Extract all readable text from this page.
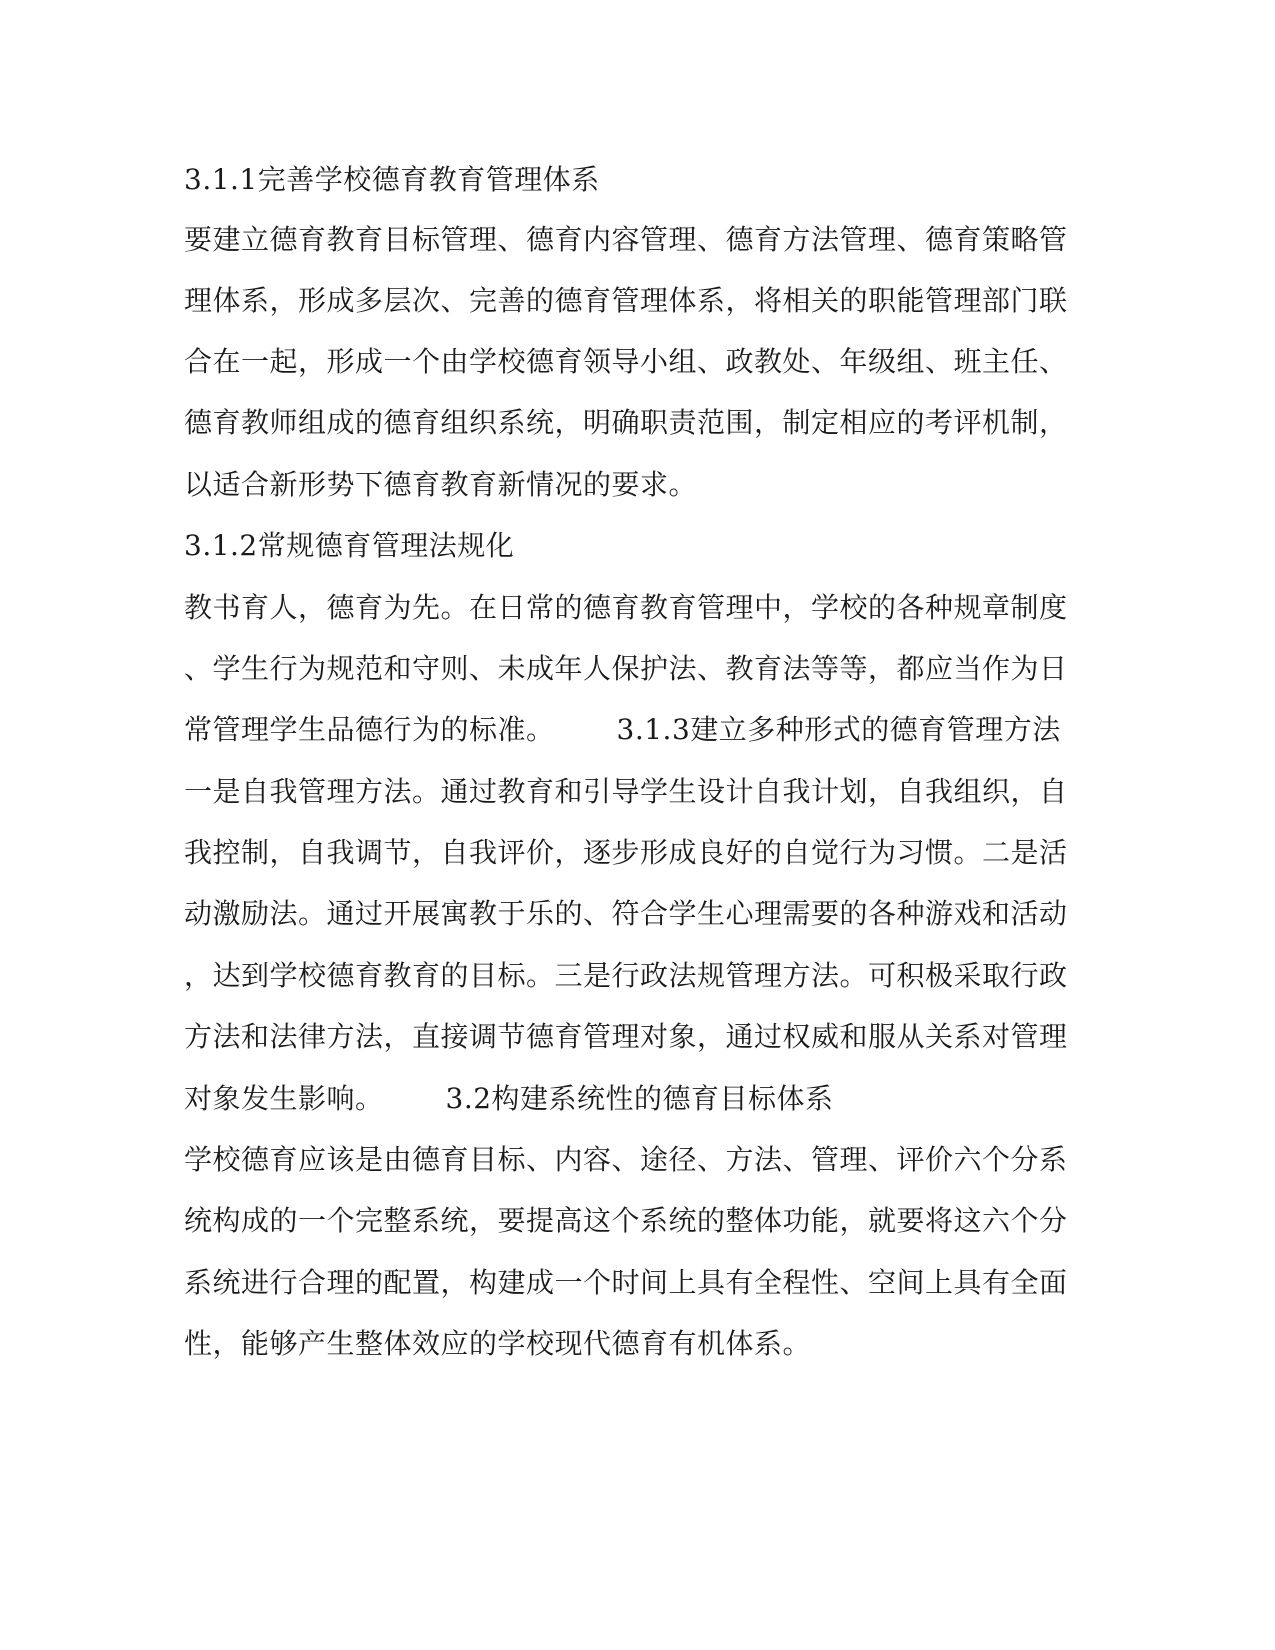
3.1.1完善学校德育教育管理体系
要建立德育教育目标管理、德育内容管理、德育方法管理、德育策略管
理体系，形成多层次、完善的德育管理体系，将相关的职能管理部门联
合在一起，形成一个由学校德育领导小组、政教处、年级组、班主任、
德育教师组成的德育组织系统，明确职责范围，制定相应的考评机制，
以适合新形势下德育教育新情况的要求。
3.1.2常规德育管理法规化
教书育人，德育为先。在日常的德育教育管理中，学校的各种规章制度
、学生行为规范和守则、未成年人保护法、教育法等等，都应当作为日
常管理学生品德行为的标准。 3.1.3建立多种形式的德育管理方法
一是自我管理方法。通过教育和引导学生设计自我计划，自我组织，自
我控制，自我调节，自我评价，逐步形成良好的自觉行为习惯。二是活
动激励法。通过开展寓教于乐的、符合学生心理需要的各种游戏和活动
，达到学校德育教育的目标。三是行政法规管理方法。可积极采取行政
方法和法律方法，直接调节德育管理对象，通过权威和服从关系对管理
对象发生影响。 3.2构建系统性的德育目标体系
学校德育应该是由德育目标、内容、途径、方法、管理、评价六个分系
统构成的一个完整系统，要提高这个系统的整体功能，就要将这六个分
系统进行合理的配置，构建成一个时间上具有全程性、空间上具有全面
性，能够产生整体效应的学校现代德育有机体系。
